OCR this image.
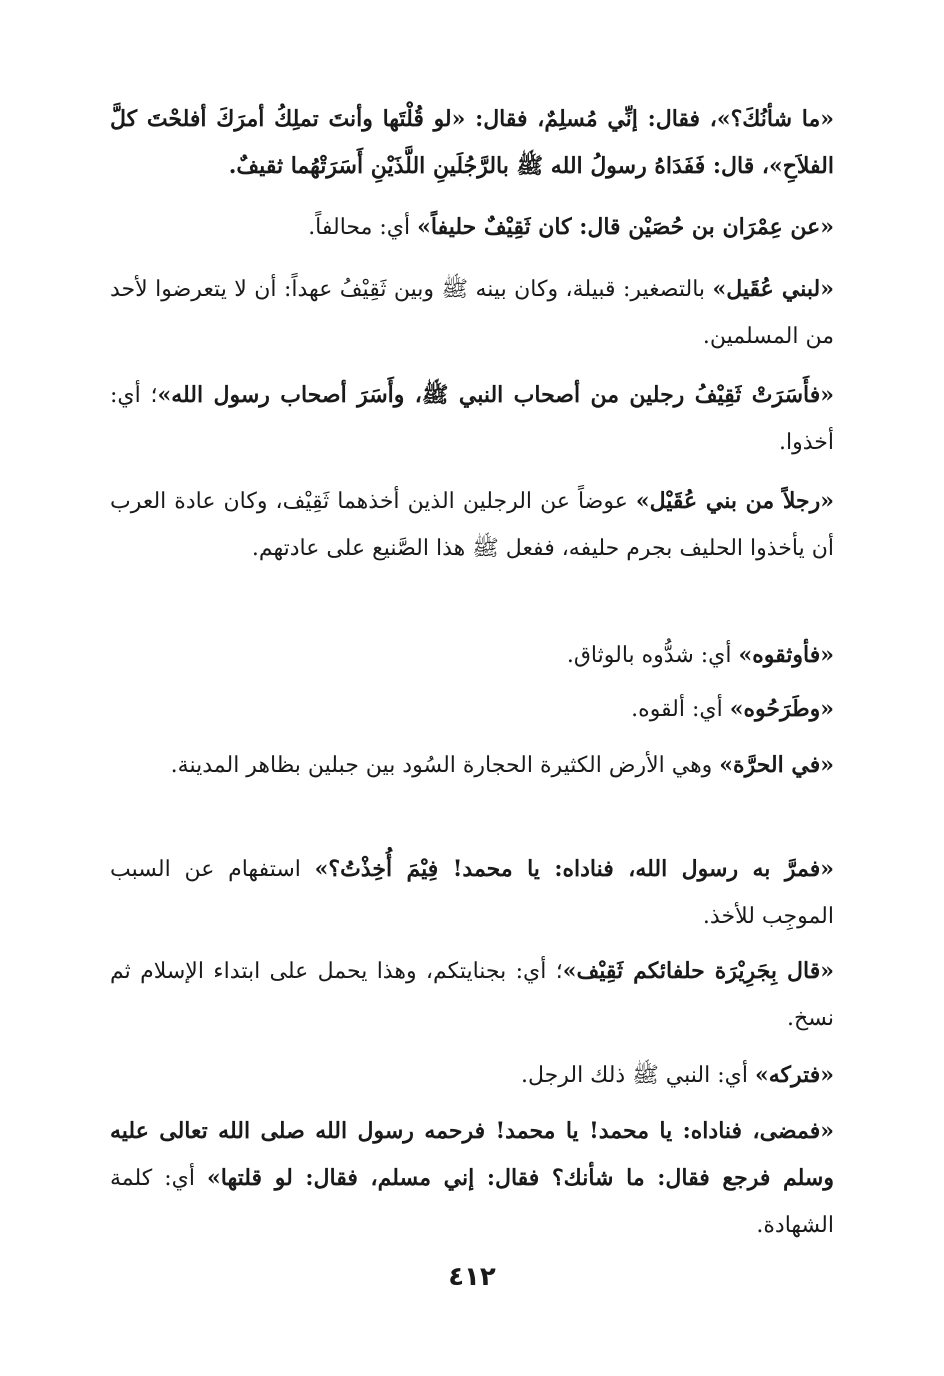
«ما شأنُكَ؟»، فقال: إنِّي مُسلِمٌ، فقال: «لو قُلْتَها وأنتَ تملِكُ أمرَكَ أفلحْتَ كلَّ الفلاَحِ»، قال: فَفَدَاهُ رسولُ الله ﷺ بالرَّجُلَينِ اللَّذَيْنِ أَسَرَتْهُما ثقيفٌ.
«عن عِمْرَان بن حُصَيْن قال: كان ثَقِيْفٌ حليفاً» أي: محالفاً.
«لبني عُقَيل» بالتصغير: قبيلة، وكان بينه ﷺ وبين ثَقِيْفُ عهداً: أن لا يتعرضوا لأحد من المسلمين.
«فأَسَرَتْ ثَقِيْفُ رجلين من أصحاب النبي ﷺ، وأَسَرَ أصحاب رسول الله»؛ أي: أخذوا.
«رجلاً من بني عُقَيْل» عوضاً عن الرجلين الذين أخذهما ثَقِيْف، وكان عادة العرب أن يأخذوا الحليف بجرم حليفه، ففعل ﷺ هذا الصَّنيع على عادتهم.
«فأوثقوه» أي: شدُّوه بالوثاق.
«وطَرَحُوه» أي: ألقوه.
«في الحرَّة» وهي الأرض الكثيرة الحجارة السُود بين جبلين بظاهر المدينة.
«فمرَّ به رسول الله، فناداه: يا محمد! فِيْمَ أُخِذْتُ؟» استفهام عن السبب الموجِب للأخذ.
«قال بِجَرِيْرَة حلفائكم ثَقِيْف»؛ أي: بجنايتكم، وهذا يحمل على ابتداء الإسلام ثم نسخ.
«فتركه» أي: النبي ﷺ ذلك الرجل.
«فمضى، فناداه: يا محمد! يا محمد! فرحمه رسول الله صلى الله تعالى عليه وسلم فرجع فقال: ما شأنك؟ فقال: إني مسلم، فقال: لو قلتها» أي: كلمة الشهادة.
٤١٢
